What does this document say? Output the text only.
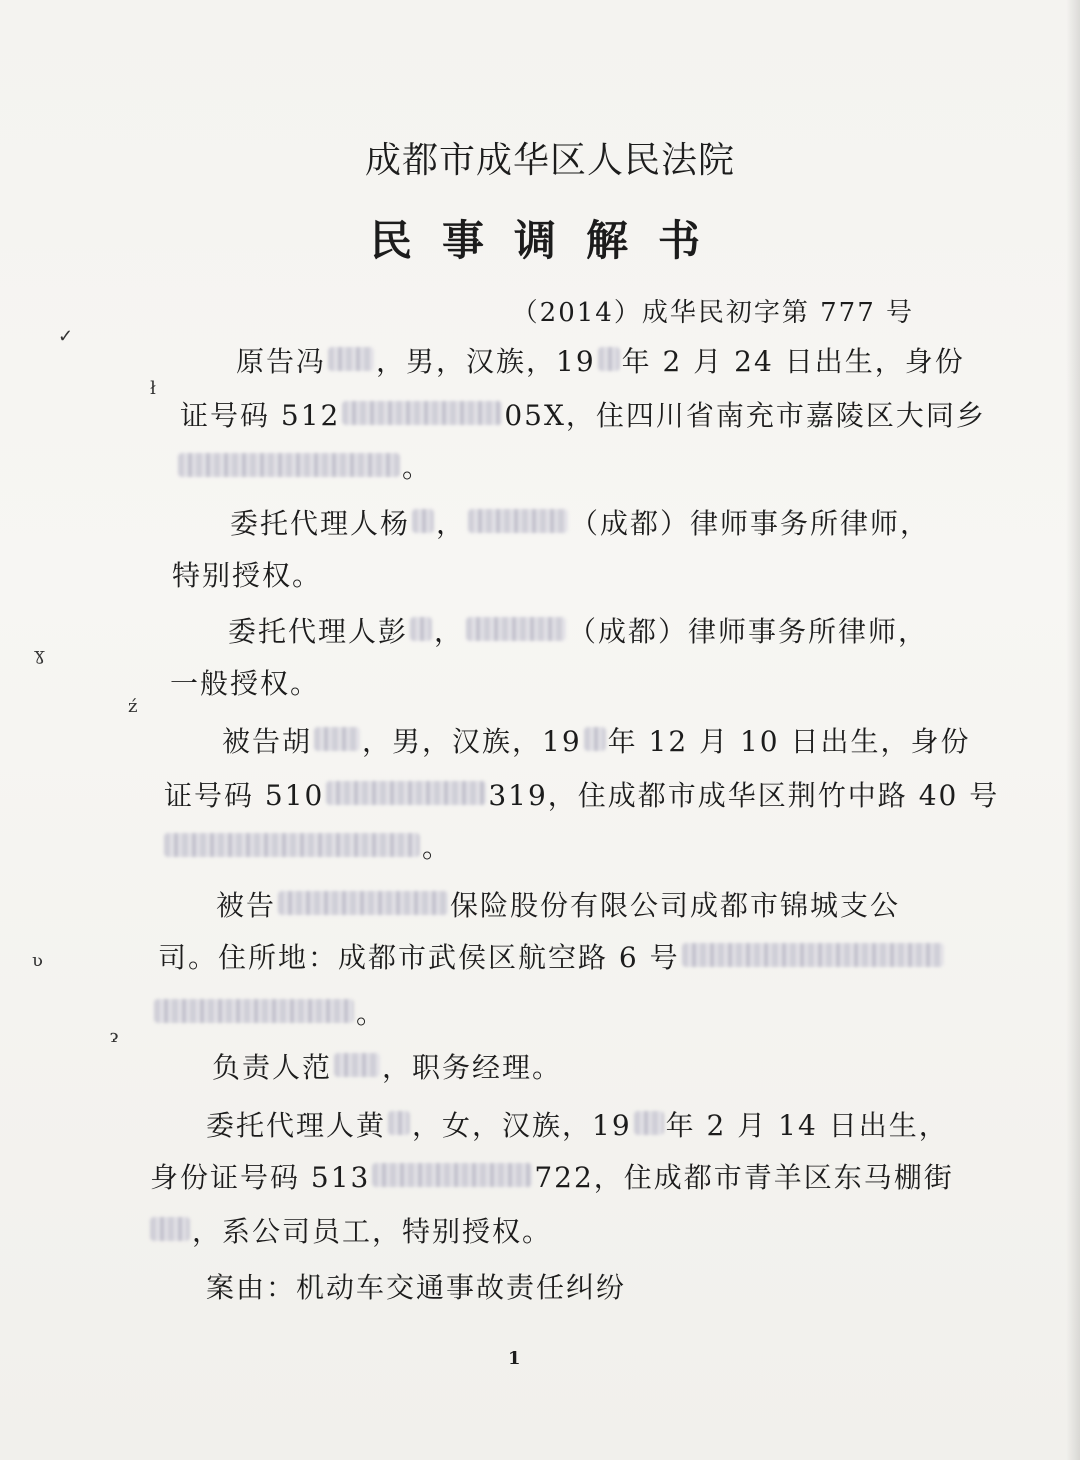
✓
ł
ɣ
ź
ʋ
ɂ
成都市成华区人民法院
民事调解书
（2014）成华民初字第 777 号
原告冯 ，男，汉族，19 年 2 月 24 日出生，身份
证号码 512	05X，住四川省南充市嘉陵区大同乡
。
委托代理人杨 ，	（成都）律师事务所律师，
特别授权。
委托代理人彭 ，	（成都）律师事务所律师，
一般授权。
被告胡 ，男，汉族，19 年 12 月 10 日出生，身份
证号码 510	319，住成都市成华区荆竹中路 40 号
。
被告	保险股份有限公司成都市锦城支公
司。住所地：成都市武侯区航空路 6 号
。
负责人范 ，职务经理。
委托代理人黄 ，女，汉族，19 年 2 月 14 日出生，
身份证号码 513	722，住成都市青羊区东马棚街
，系公司员工，特别授权。
案由：机动车交通事故责任纠纷
1
